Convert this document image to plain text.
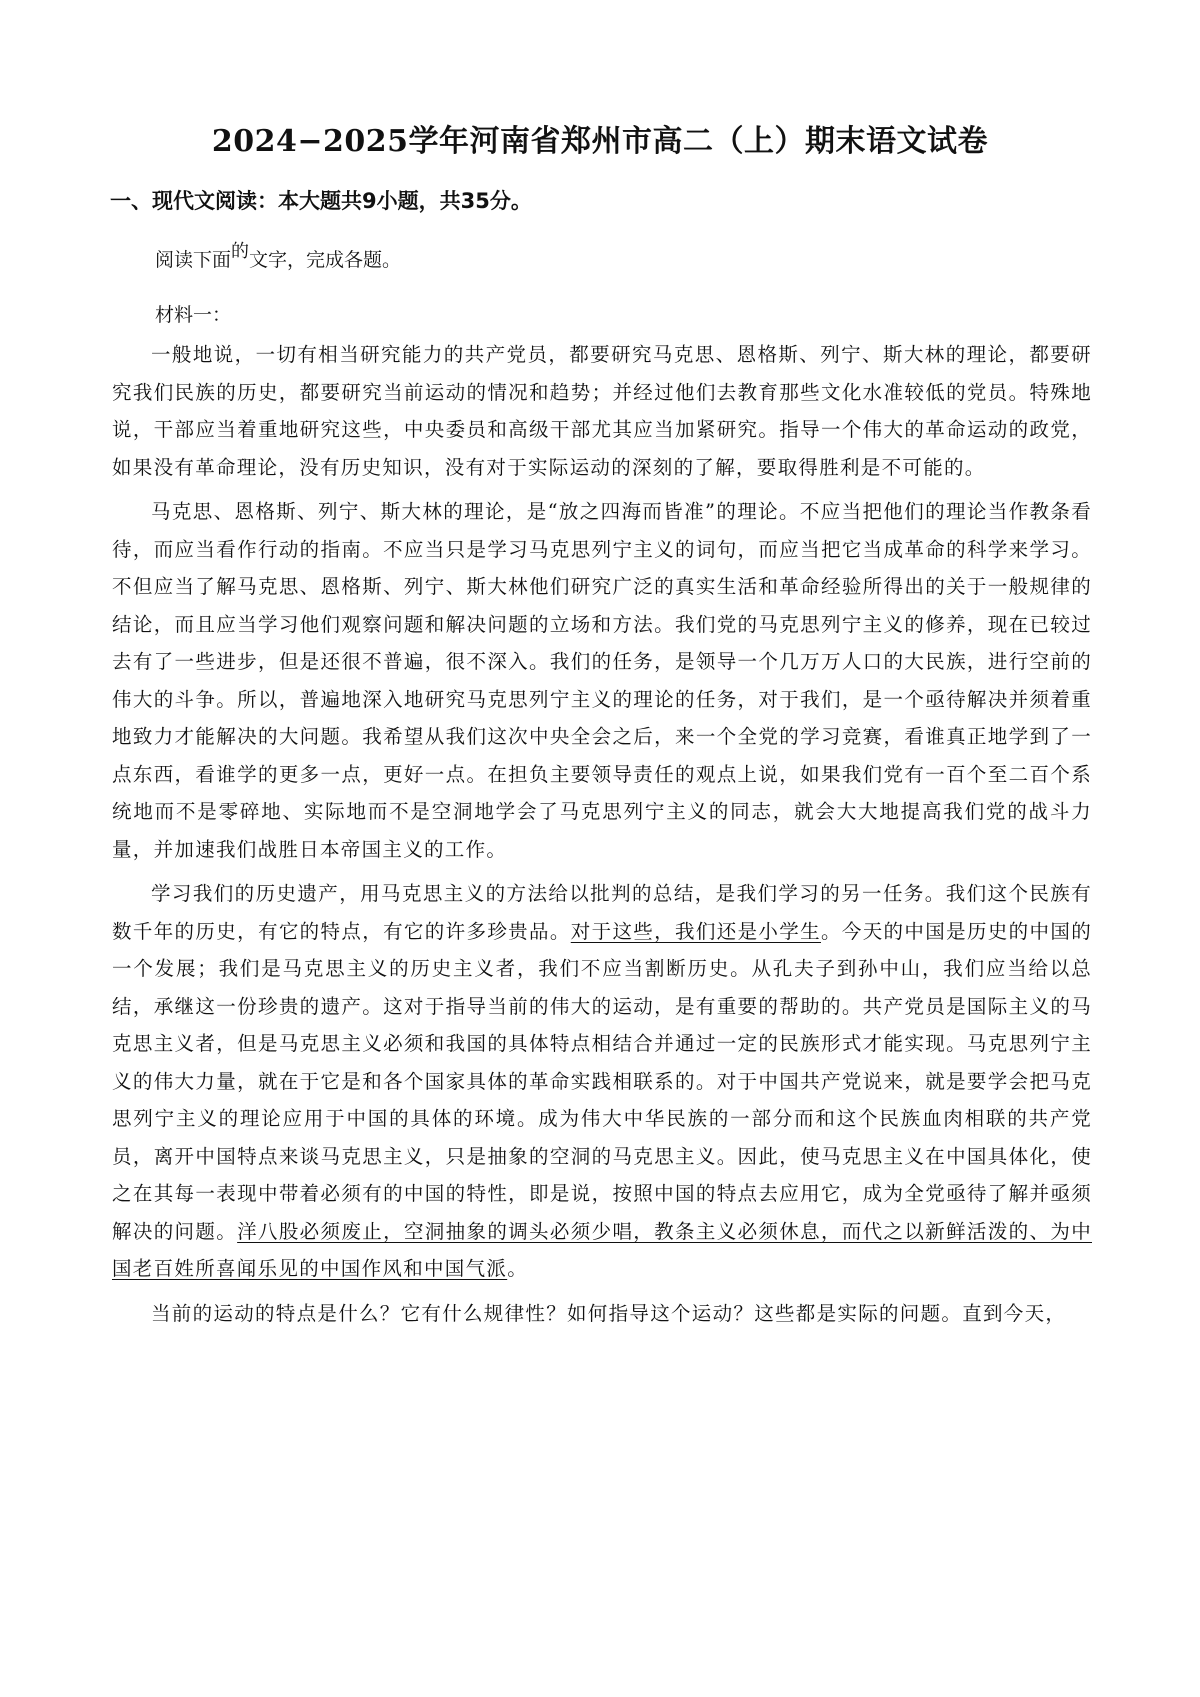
2024−2025学年河南省郑州市高二（上）期末语文试卷
一、现代文阅读：本大题共9小题，共35分。
阅读下面的文字，完成各题。
材料一：

一般地说，一切有相当研究能力的共产党员，都要研究马克思、恩格斯、列宁、斯大林的理论，都要研究我们民族的历史，都要研究当前运动的情况和趋势；并经过他们去教育那些文化水准较低的党员。特殊地说，干部应当着重地研究这些，中央委员和高级干部尤其应当加紧研究。指导一个伟大的革命运动的政党，如果没有革命理论，没有历史知识，没有对于实际运动的深刻的了解，要取得胜利是不可能的。

马克思、恩格斯、列宁、斯大林的理论，是“放之四海而皆准”的理论。不应当把他们的理论当作教条看待，而应当看作行动的指南。不应当只是学习马克思列宁主义的词句，而应当把它当成革命的科学来学习。不但应当了解马克思、恩格斯、列宁、斯大林他们研究广泛的真实生活和革命经验所得出的关于一般规律的结论，而且应当学习他们观察问题和解决问题的立场和方法。我们党的马克思列宁主义的修养，现在已较过去有了一些进步，但是还很不普遍，很不深入。我们的任务，是领导一个几万万人口的大民族，进行空前的伟大的斗争。所以，普遍地深入地研究马克思列宁主义的理论的任务，对于我们，是一个亟待解决并须着重地致力才能解决的大问题。我希望从我们这次中央全会之后，来一个全党的学习竞赛，看谁真正地学到了一点东西，看谁学的更多一点，更好一点。在担负主要领导责任的观点上说，如果我们党有一百个至二百个系统地而不是零碎地、实际地而不是空洞地学会了马克思列宁主义的同志，就会大大地提高我们党的战斗力量，并加速我们战胜日本帝国主义的工作。

学习我们的历史遗产，用马克思主义的方法给以批判的总结，是我们学习的另一任务。我们这个民族有数千年的历史，有它的特点，有它的许多珍贵品。对于这些，我们还是小学生。今天的中国是历史的中国的一个发展；我们是马克思主义的历史主义者，我们不应当割断历史。从孔夫子到孙中山，我们应当给以总结，承继这一份珍贵的遗产。这对于指导当前的伟大的运动，是有重要的帮助的。共产党员是国际主义的马克思主义者，但是马克思主义必须和我国的具体特点相结合并通过一定的民族形式才能实现。马克思列宁主义的伟大力量，就在于它是和各个国家具体的革命实践相联系的。对于中国共产党说来，就是要学会把马克思列宁主义的理论应用于中国的具体的环境。成为伟大中华民族的一部分而和这个民族血肉相联的共产党员，离开中国特点来谈马克思主义，只是抽象的空洞的马克思主义。因此，使马克思主义在中国具体化，使之在其每一表现中带着必须有的中国的特性，即是说，按照中国的特点去应用它，成为全党亟待了解并亟须解决的问题。洋八股必须废止，空洞抽象的调头必须少唱，教条主义必须休息，而代之以新鲜活泼的、为中国老百姓所喜闻乐见的中国作风和中国气派。

当前的运动的特点是什么？它有什么规律性？如何指导这个运动？这些都是实际的问题。直到今天，
